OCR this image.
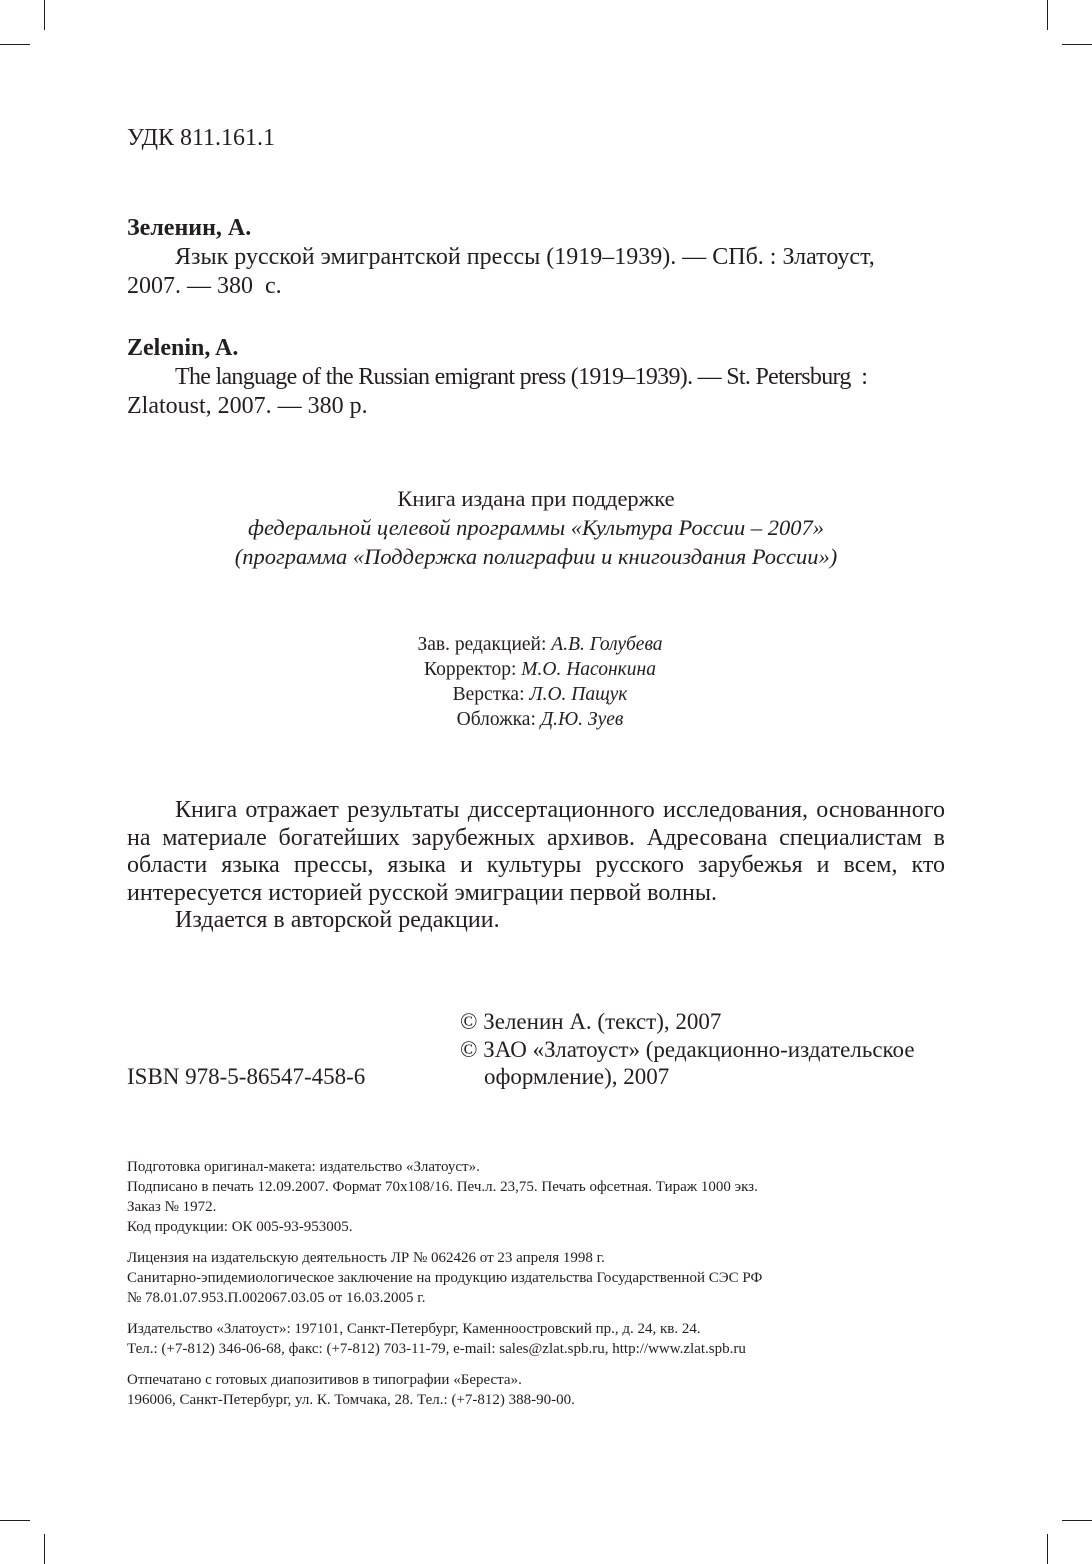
УДК 811.161.1

Зеленин, А.

Язык русской эмигрантской прессы (1919–1939). — СПб. : Златоуст,

2007. — 380  с.

Zelenin, A.

The language of the Russian emigrant press (1919–1939). — St. Petersburg  :

Zlatoust, 2007. — 380 p.

Книга издана при поддержке
федеральной целевой программы «Культура России – 2007»
(программа «Поддержка полиграфии и книгоиздания России»)
Зав. редакцией: А.В. Голубева
Корректор: М.О. Насонкина
Верстка: Л.О. Пащук
Обложка: Д.Ю. Зуев

Книга отражает результаты диссертационного исследования, основанного на материале богатейших зарубежных архивов. Адресована специалистам в области языка прессы, языка и культуры русского зарубежья и всем, кто интересуется историей русской эмиграции первой волны.

Издается в авторской редакции.

© Зеленин А. (текст), 2007
© ЗАО «Златоуст» (редакционно-издательское
оформление), 2007
ISBN 978-5-86547-458-6
Подготовка оригинал-макета: издательство «Златоуст».
Подписано в печать 12.09.2007. Формат 70х108/16. Печ.л. 23,75. Печать офсетная. Тираж 1000 экз.
Заказ № 1972.
Код продукции: ОК 005-93-953005.
Лицензия на издательскую деятельность ЛР № 062426 от 23 апреля 1998 г.
Санитарно-эпидемиологическое заключение на продукцию издательства Государственной СЭС РФ
№ 78.01.07.953.П.002067.03.05 от 16.03.2005 г.
Издательство «Златоуст»: 197101, Санкт-Петербург, Каменноостровский пр., д. 24, кв. 24.
Тел.: (+7-812) 346-06-68, факс: (+7-812) 703-11-79, e-mail: sales@zlat.spb.ru, http://www.zlat.spb.ru
Отпечатано с готовых диапозитивов в типографии «Береста».
196006, Санкт-Петербург, ул. К. Томчака, 28. Тел.: (+7-812) 388-90-00.
